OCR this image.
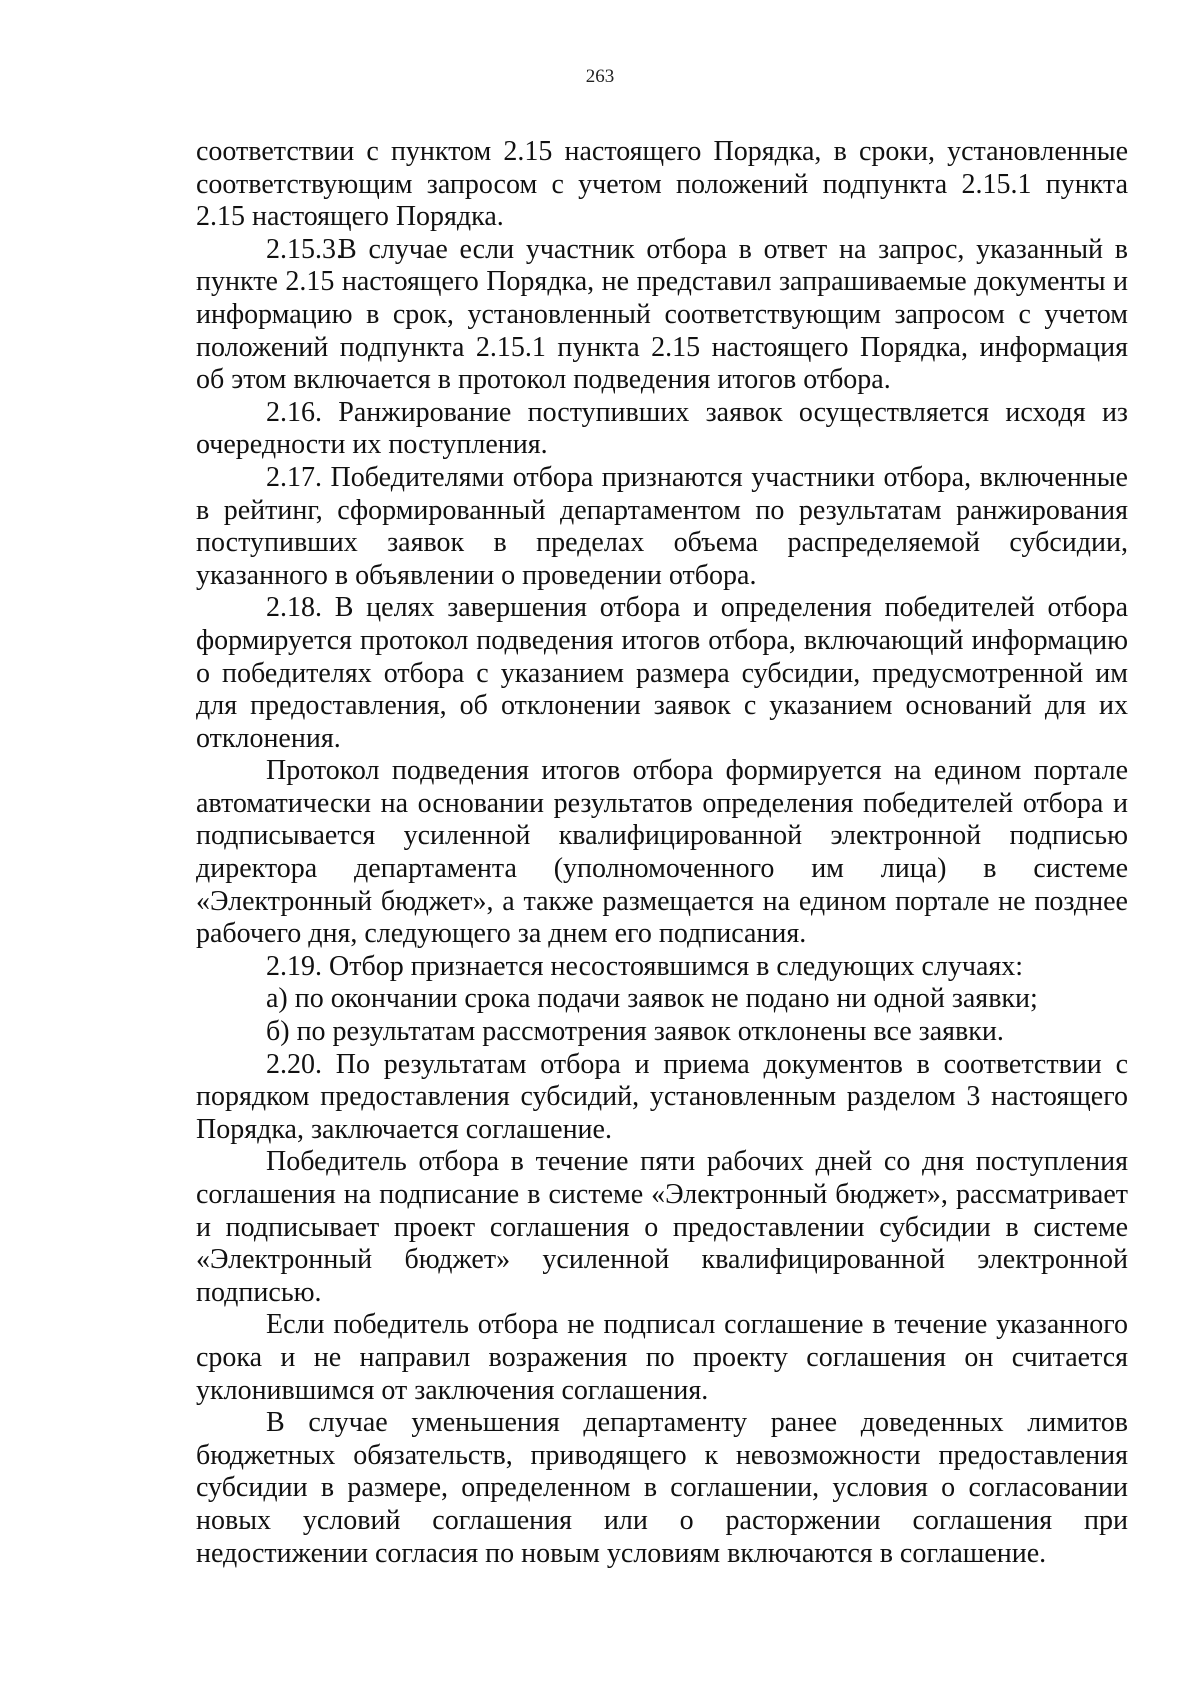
263

соответствии с пунктом 2.15 настоящего Порядка, в сроки, установленные соответствующим запросом с учетом положений подпункта 2.15.1 пункта 2.15 настоящего Порядка.

2.15.3.В случае если участник отбора в ответ на запрос, указанный в пункте 2.15 настоящего Порядка, не представил запрашиваемые документы и информацию в срок, установленный соответствующим запросом с учетом положений подпункта 2.15.1 пункта 2.15 настоящего Порядка, информация об этом включается в протокол подведения итогов отбора.

2.16. Ранжирование поступивших заявок осуществляется исходя из очередности их поступления.

2.17. Победителями отбора признаются участники отбора, включенные в рейтинг, сформированный департаментом по результатам ранжирования поступивших заявок в пределах объема распределяемой субсидии, указанного в объявлении о проведении отбора.

2.18. В целях завершения отбора и определения победителей отбора формируется протокол подведения итогов отбора, включающий информацию о победителях отбора с указанием размера субсидии, предусмотренной им для предоставления, об отклонении заявок с указанием оснований для их отклонения.

Протокол подведения итогов отбора формируется на едином портале автоматически на основании результатов определения победителей отбора и подписывается усиленной квалифицированной электронной подписью директора департамента (уполномоченного им лица) в системе «Электронный бюджет», а также размещается на едином портале не позднее рабочего дня, следующего за днем его подписания.

2.19. Отбор признается несостоявшимся в следующих случаях:

а) по окончании срока подачи заявок не подано ни одной заявки;

б) по результатам рассмотрения заявок отклонены все заявки.

2.20. По результатам отбора и приема документов в соответствии с порядком предоставления субсидий, установленным разделом 3 настоящего Порядка, заключается соглашение.

Победитель отбора в течение пяти рабочих дней со дня поступления соглашения на подписание в системе «Электронный бюджет», рассматривает и подписывает проект соглашения о предоставлении субсидии в системе «Электронный бюджет» усиленной квалифицированной электронной подписью.

Если победитель отбора не подписал соглашение в течение указанного срока и не направил возражения по проекту соглашения он считается уклонившимся от заключения соглашения.

В случае уменьшения департаменту ранее доведенных лимитов бюджетных обязательств, приводящего к невозможности предоставления субсидии в размере, определенном в соглашении, условия о согласовании новых условий соглашения или о расторжении соглашения при недостижении согласия по новым условиям включаются в соглашение.
